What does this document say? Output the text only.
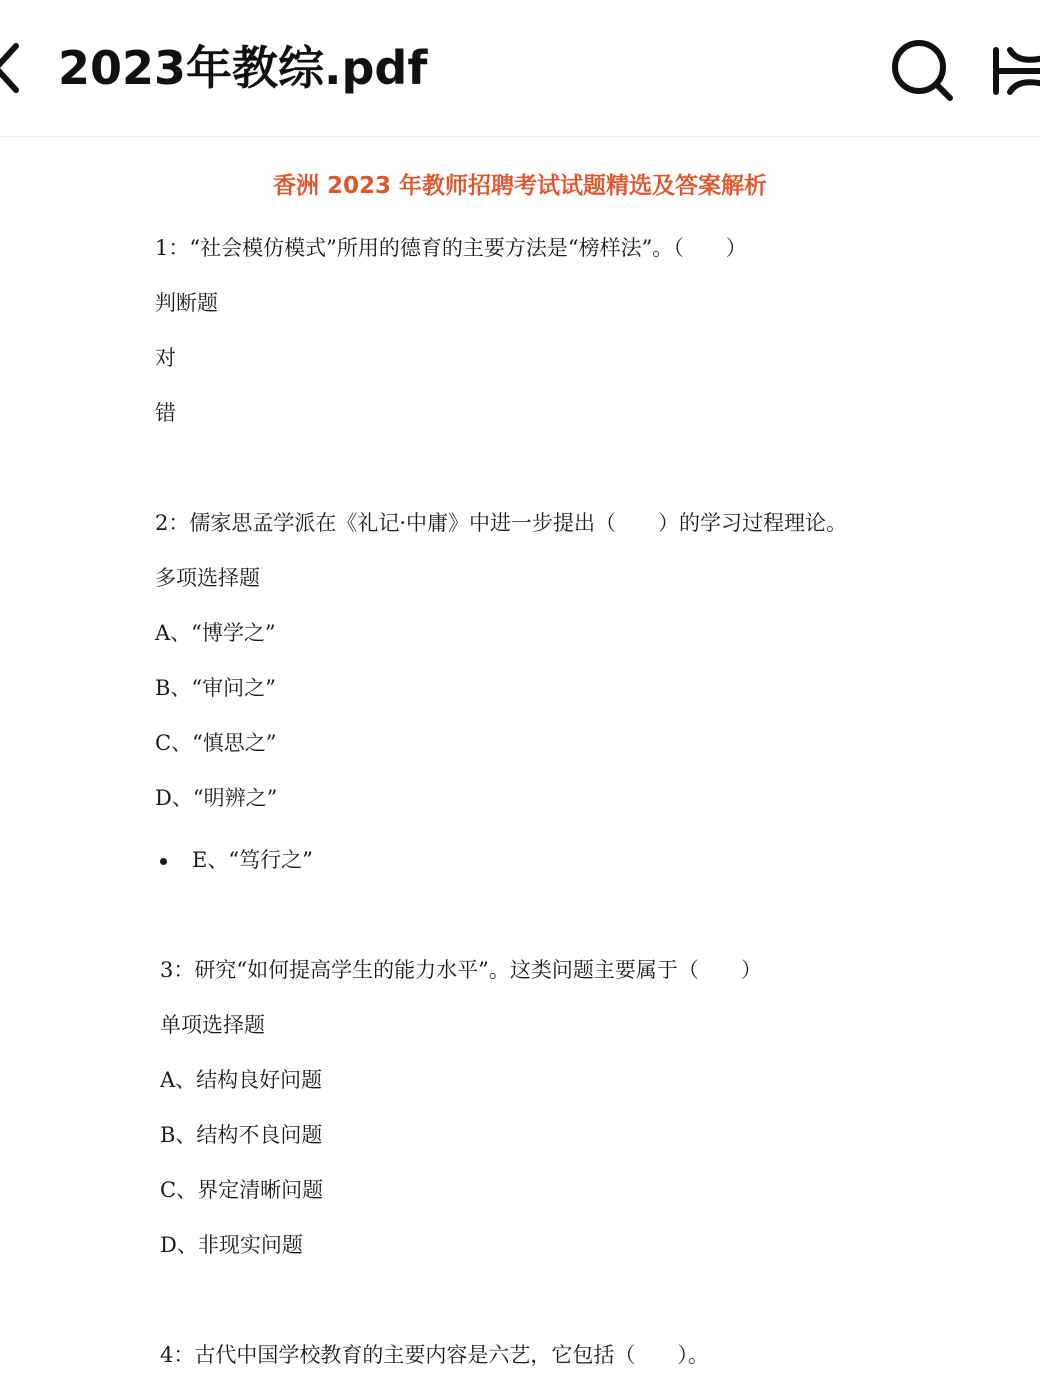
2023年教综.pdf
香洲 2023 年教师招聘考试试题精选及答案解析
1：“社会模仿模式”所用的德育的主要方法是“榜样法”。（　　）
判断题
对
错
2：儒家思孟学派在《礼记·中庸》中进一步提出（　　）的学习过程理论。
多项选择题
A、“博学之”
B、“审问之”
C、“慎思之”
D、“明辨之”
E、“笃行之”
3：研究“如何提高学生的能力水平”。这类问题主要属于（　　）
单项选择题
A、结构良好问题
B、结构不良问题
C、界定清晰问题
D、非现实问题
4：古代中国学校教育的主要内容是六艺，它包括（　　）。
